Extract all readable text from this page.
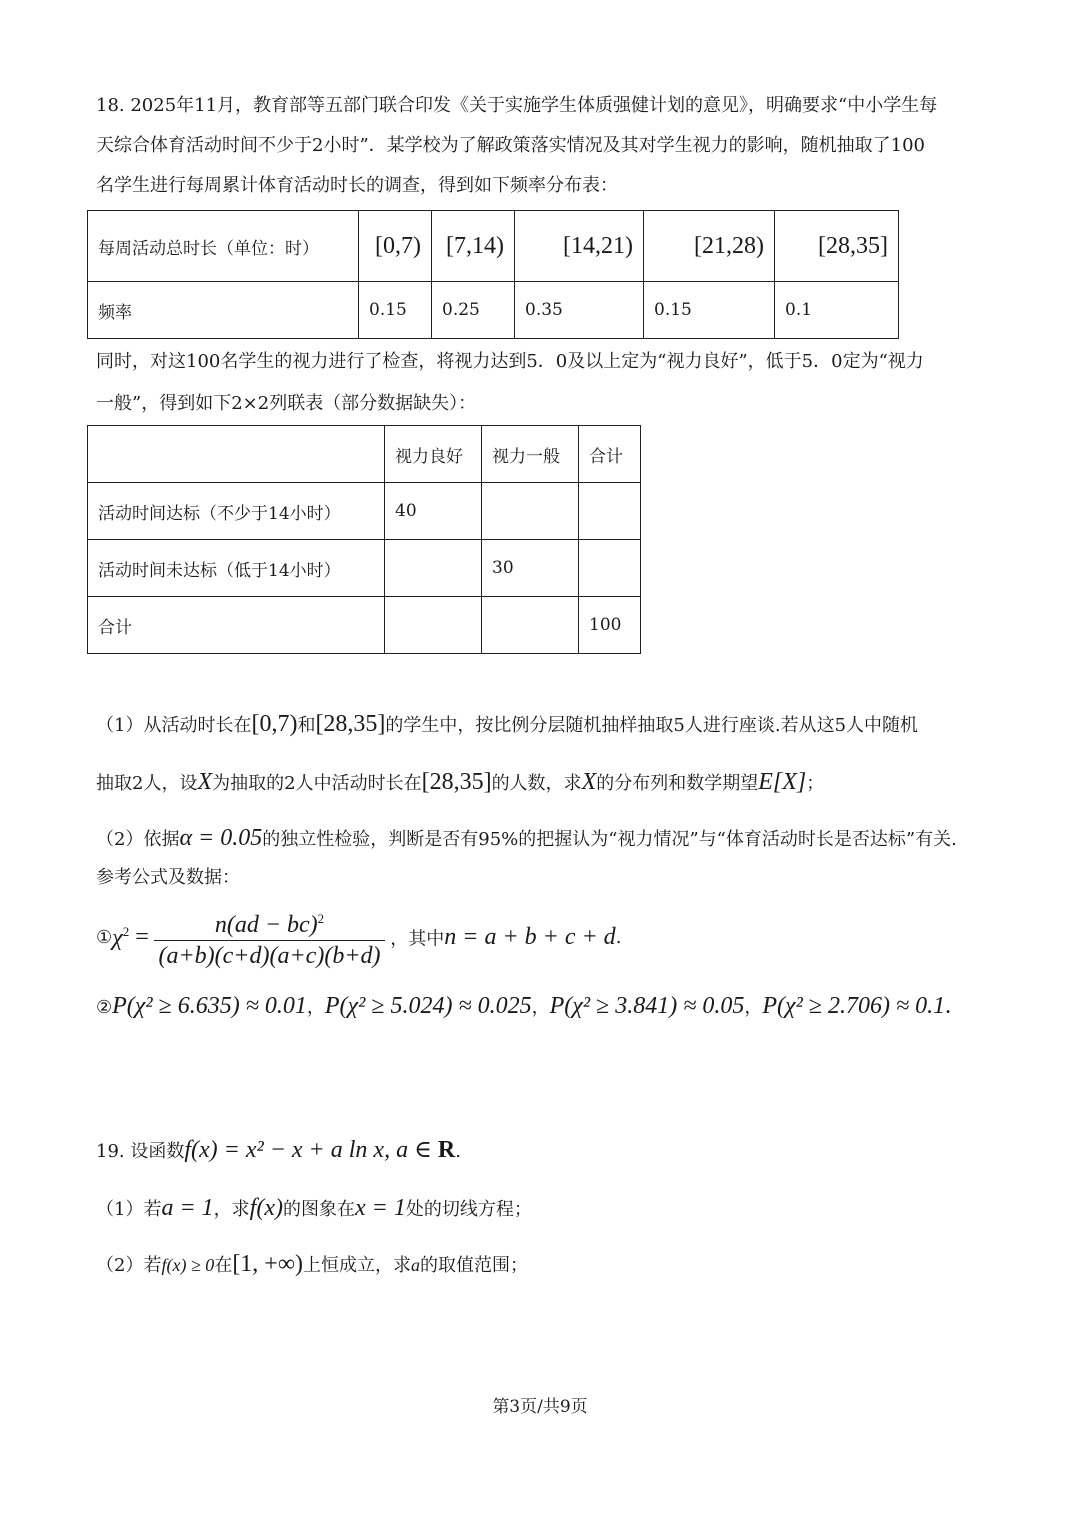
18. 2025年11月，教育部等五部门联合印发《关于实施学生体质强健计划的意见》，明确要求“中小学生每
天综合体育活动时间不少于2小时”．某学校为了解政策落实情况及其对学生视力的影响，随机抽取了100
名学生进行每周累计体育活动时长的调查，得到如下频率分布表：
每周活动总时长（单位：时）	[0,7)	[7,14)	[14,21)	[21,28)	[28,35]
频率	0.15	0.25	0.35	0.15	0.1
同时，对这100名学生的视力进行了检查，将视力达到5．0及以上定为“视力良好”，低于5．0定为“视力
一般”，得到如下2×2列联表（部分数据缺失）：
	视力良好	视力一般	合计
活动时间达标（不少于14小时）	40		
活动时间未达标（低于14小时）		30	
合计			100
（1）从活动时长在[0,7)和[28,35]的学生中，按比例分层随机抽样抽取5人进行座谈.若从这5人中随机
抽取2人，设X为抽取的2人中活动时长在[28,35]的人数，求X的分布列和数学期望E[X]；
（2）依据α = 0.05的独立性检验，判断是否有95%的把握认为“视力情况”与“体育活动时长是否达标”有关.
参考公式及数据：
$①\chi^2 = \frac{n(ad - bc)^2}{(a+b)(c+d)(a+c)(b+d)}$ ，其中n = a + b + c + d.
②P(χ² ≥ 6.635) ≈ 0.01，P(χ² ≥ 5.024) ≈ 0.025，P(χ² ≥ 3.841) ≈ 0.05，P(χ² ≥ 2.706) ≈ 0.1.
19. 设函数f(x) = x² − x + a ln x, a ∈ R.
（1）若a = 1，求f(x)的图象在x = 1处的切线方程；
（2）若f(x) ≥ 0在[1, +∞)上恒成立，求a的取值范围；
第3页/共9页
